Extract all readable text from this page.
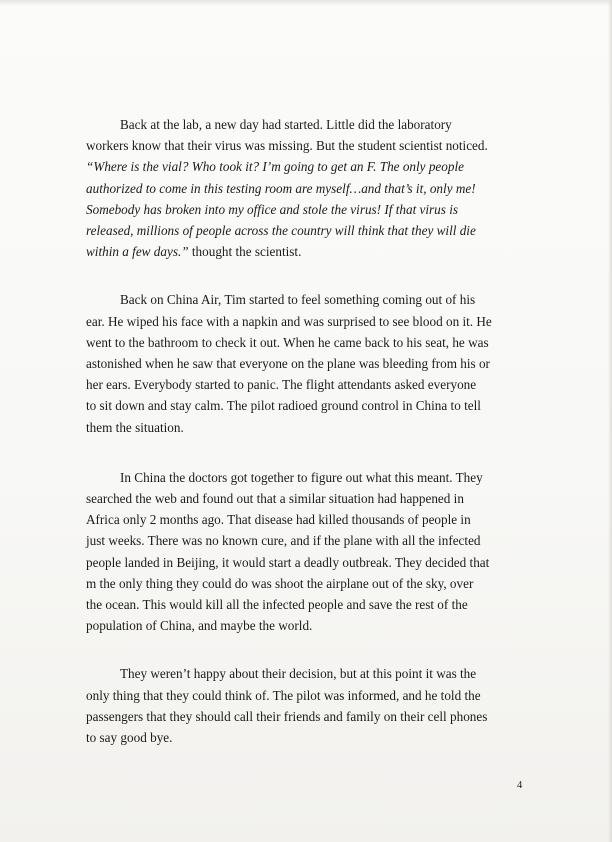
Back at the lab, a new day had started. Little did the laboratory
workers know that their virus was missing. But the student scientist noticed.
“Where is the vial? Who took it? I’m going to get an F. The only people
authorized to come in this testing room are myself…and that’s it, only me!
Somebody has broken into my office and stole the virus! If that virus is
released, millions of people across the country will think that they will die
within a few days.” thought the scientist.
Back on China Air, Tim started to feel something coming out of his
ear. He wiped his face with a napkin and was surprised to see blood on it. He
went to the bathroom to check it out. When he came back to his seat, he was
astonished when he saw that everyone on the plane was bleeding from his or
her ears. Everybody started to panic. The flight attendants asked everyone
to sit down and stay calm. The pilot radioed ground control in China to tell
them the situation.
In China the doctors got together to figure out what this meant. They
searched the web and found out that a similar situation had happened in
Africa only 2 months ago. That disease had killed thousands of people in
just weeks. There was no known cure, and if the plane with all the infected
people landed in Beijing, it would start a deadly outbreak. They decided that
m the only thing they could do was shoot the airplane out of the sky, over
the ocean. This would kill all the infected people and save the rest of the
population of China, and maybe the world.
They weren’t happy about their decision, but at this point it was the
only thing that they could think of. The pilot was informed, and he told the
passengers that they should call their friends and family on their cell phones
to say good bye.
4
